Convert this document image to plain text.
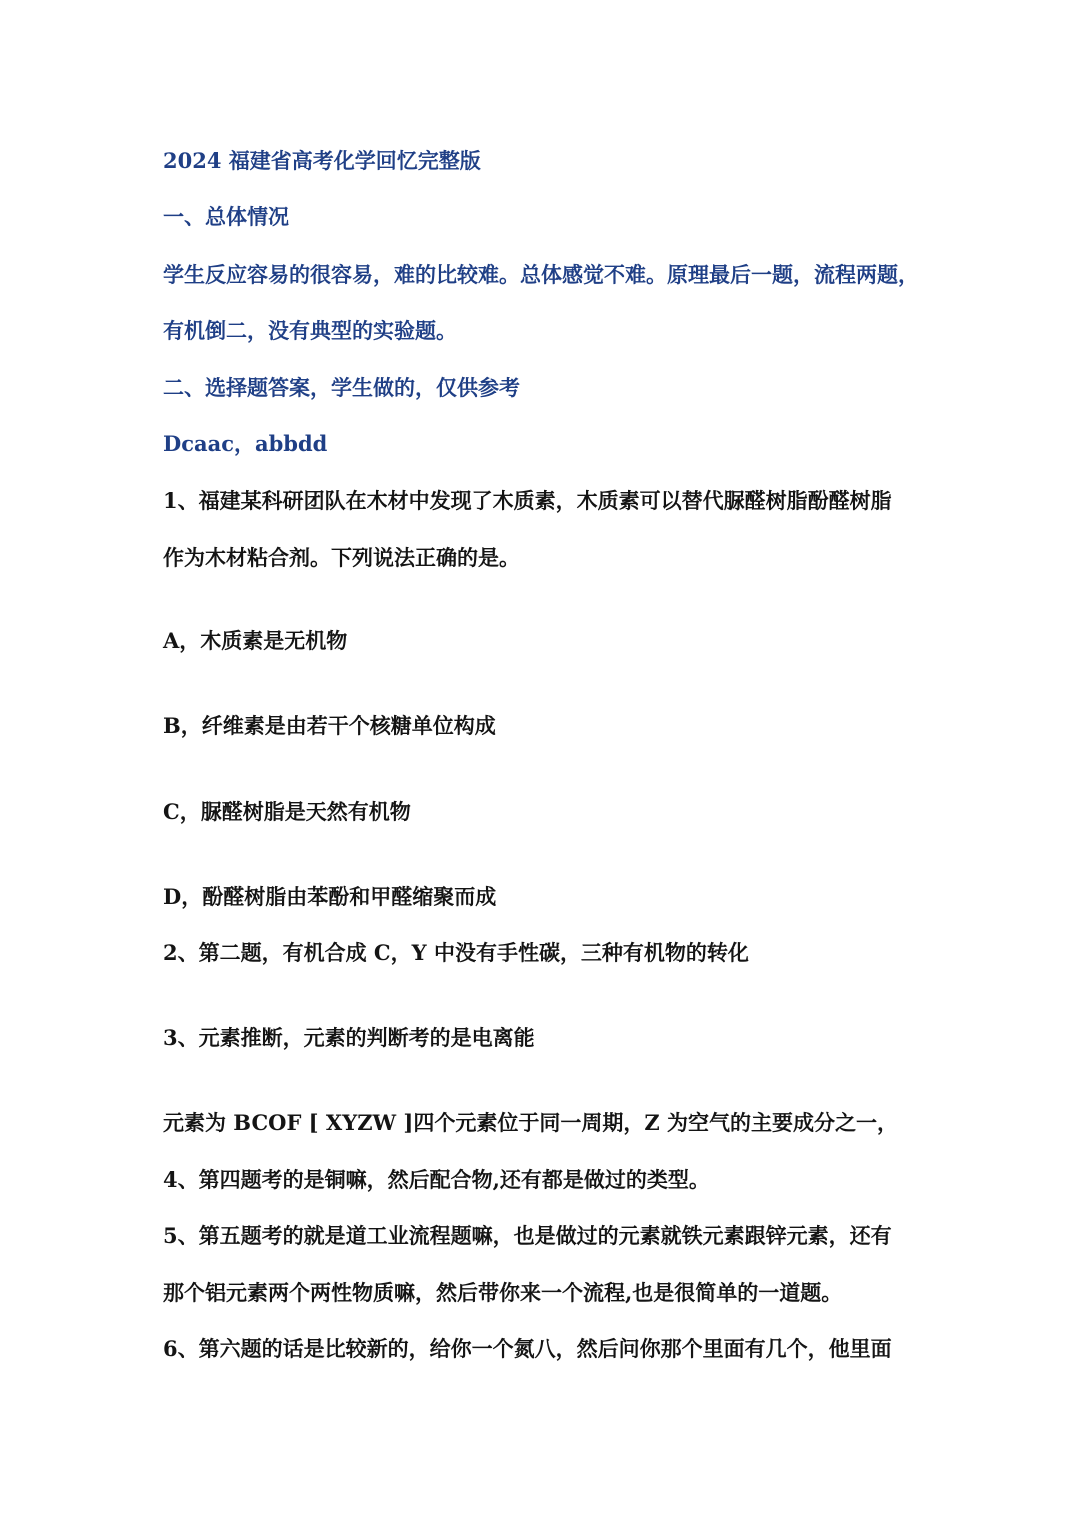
2024 福建省高考化学回忆完整版
一、总体情况
学生反应容易的很容易，难的比较难。总体感觉不难。原理最后一题，流程两题，
有机倒二，没有典型的实验题。
二、选择题答案，学生做的，仅供参考
Dcaac，abbdd
1、福建某科研团队在木材中发现了木质素，木质素可以替代脲醛树脂酚醛树脂
作为木材粘合剂。下列说法正确的是。
A，木质素是无机物
B，纤维素是由若干个核糖单位构成
C，脲醛树脂是天然有机物
D，酚醛树脂由苯酚和甲醛缩聚而成
2、第二题，有机合成 C，Y 中没有手性碳，三种有机物的转化
3、元素推断，元素的判断考的是电离能
元素为 BCOF [ XYZW ]四个元素位于同一周期，Z 为空气的主要成分之一，
4、第四题考的是铜嘛，然后配合物,还有都是做过的类型。
5、第五题考的就是道工业流程题嘛，也是做过的元素就铁元素跟锌元素，还有
那个铝元素两个两性物质嘛，然后带你来一个流程,也是很简单的一道题。
6、第六题的话是比较新的，给你一个氮八，然后问你那个里面有几个，他里面
